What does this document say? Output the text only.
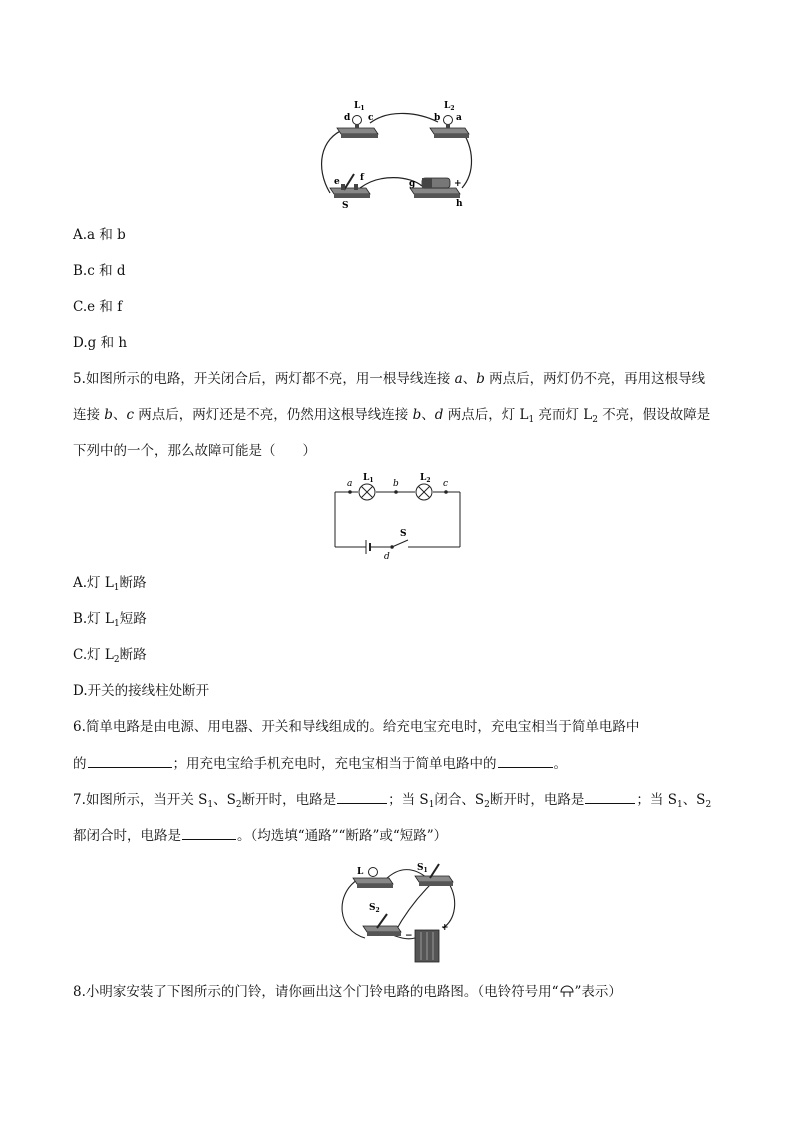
$L_1$	$L_2$
d c	b a
e f
g	+
S	h
A.a 和 b
B.c 和 d
C.e 和 f
D.g 和 h
5.如图所示的电路，开关闭合后，两灯都不亮，用一根导线连接 a、b 两点后，两灯仍不亮，再用这根导线
连接 b、c 两点后，两灯还是不亮，仍然用这根导线连接 b、d 两点后，灯 $L_1$ 亮而灯 $L_2$ 不亮，假设故障是
下列中的一个，那么故障可能是（　　）
a	b	c
d
$L_1$	$L_2$
S
A.灯 $L_1$断路
B.灯 $L_1$短路
C.灯 $L_2$断路
D.开关的接线柱处断开
6.简单电路是由电源、用电器、开关和导线组成的。给充电宝充电时，充电宝相当于简单电路中
的	；用充电宝给手机充电时，充电宝相当于简单电路中的	。
7.如图所示，当开关 $S_1$、$S_2$断开时，电路是	；当 $S_1$闭合、$S_2$断开时，电路是	；当 $S_1$、$S_2$
都闭合时，电路是	。（均选填“通路”“断路”或“短路”）
L	$S_1$
$S_2$
−
+
8.小明家安装了下图所示的门铃，请你画出这个门铃电路的电路图。（电铃符号用“ ”表示）
